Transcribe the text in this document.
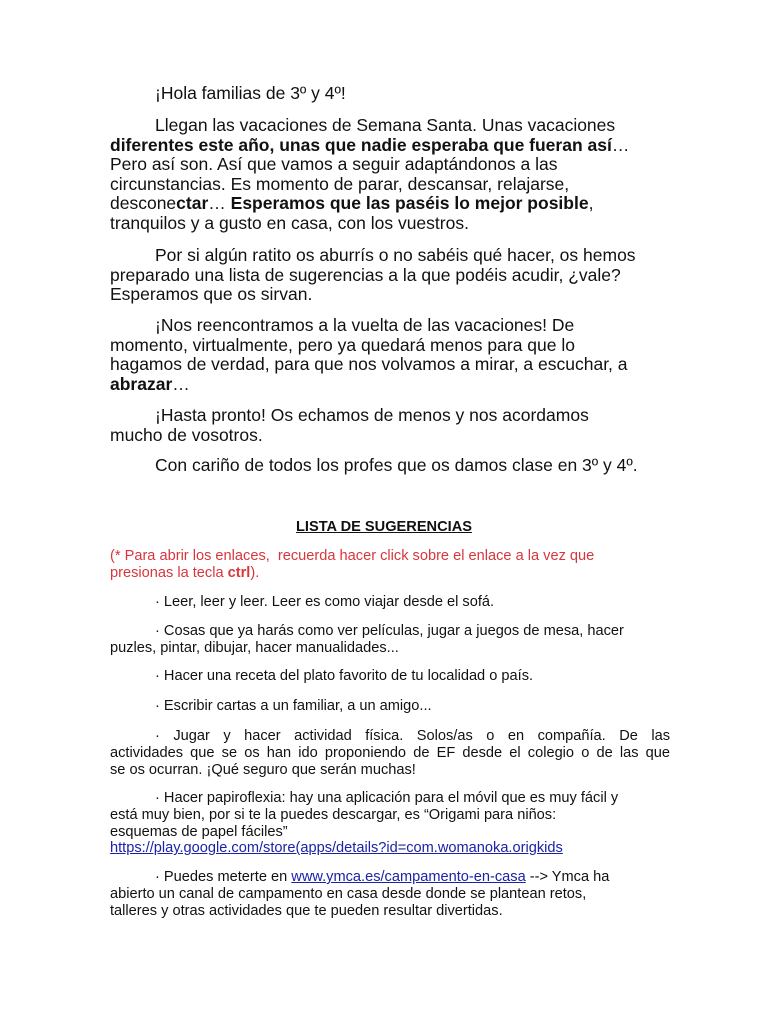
LISTA DE SUGERENCIAS
¡Hola familias de 3º y 4º!
Llegan las vacaciones de Semana Santa. Unas vacaciones
diferentes este año, unas que nadie esperaba que fueran así…
Pero así son. Así que vamos a seguir adaptándonos a las
circunstancias. Es momento de parar, descansar, relajarse,
desconectar… Esperamos que las paséis lo mejor posible,
tranquilos y a gusto en casa, con los vuestros.
Por si algún ratito os aburrís o no sabéis qué hacer, os hemos
preparado una lista de sugerencias a la que podéis acudir, ¿vale?
Esperamos que os sirvan.
¡Nos reencontramos a la vuelta de las vacaciones! De
momento, virtualmente, pero ya quedará menos para que lo
hagamos de verdad, para que nos volvamos a mirar, a escuchar, a
abrazar…
¡Hasta pronto! Os echamos de menos y nos acordamos
mucho de vosotros.
Con cariño de todos los profes que os damos clase en 3º y 4º.
(* Para abrir los enlaces,  recuerda hacer click sobre el enlace a la vez que
presionas la tecla ctrl).
· Leer, leer y leer. Leer es como viajar desde el sofá.
· Cosas que ya harás como ver películas, jugar a juegos de mesa, hacer
puzles, pintar, dibujar, hacer manualidades...
· Hacer una receta del plato favorito de tu localidad o país.
· Escribir cartas a un familiar, a un amigo...
· Jugar y hacer actividad física. Solos/as o en compañía. De las
actividades que se os han ido proponiendo de EF desde el colegio o de las que
se os ocurran. ¡Qué seguro que serán muchas!
· Hacer papiroflexia: hay una aplicación para el móvil que es muy fácil y
está muy bien, por si te la puedes descargar, es “Origami para niños:
esquemas de papel fáciles”
https://play.google.com/store(apps/details?id=com.womanoka.origkids
· Puedes meterte en www.ymca.es/campamento-en-casa --> Ymca ha
abierto un canal de campamento en casa desde donde se plantean retos,
talleres y otras actividades que te pueden resultar divertidas.
